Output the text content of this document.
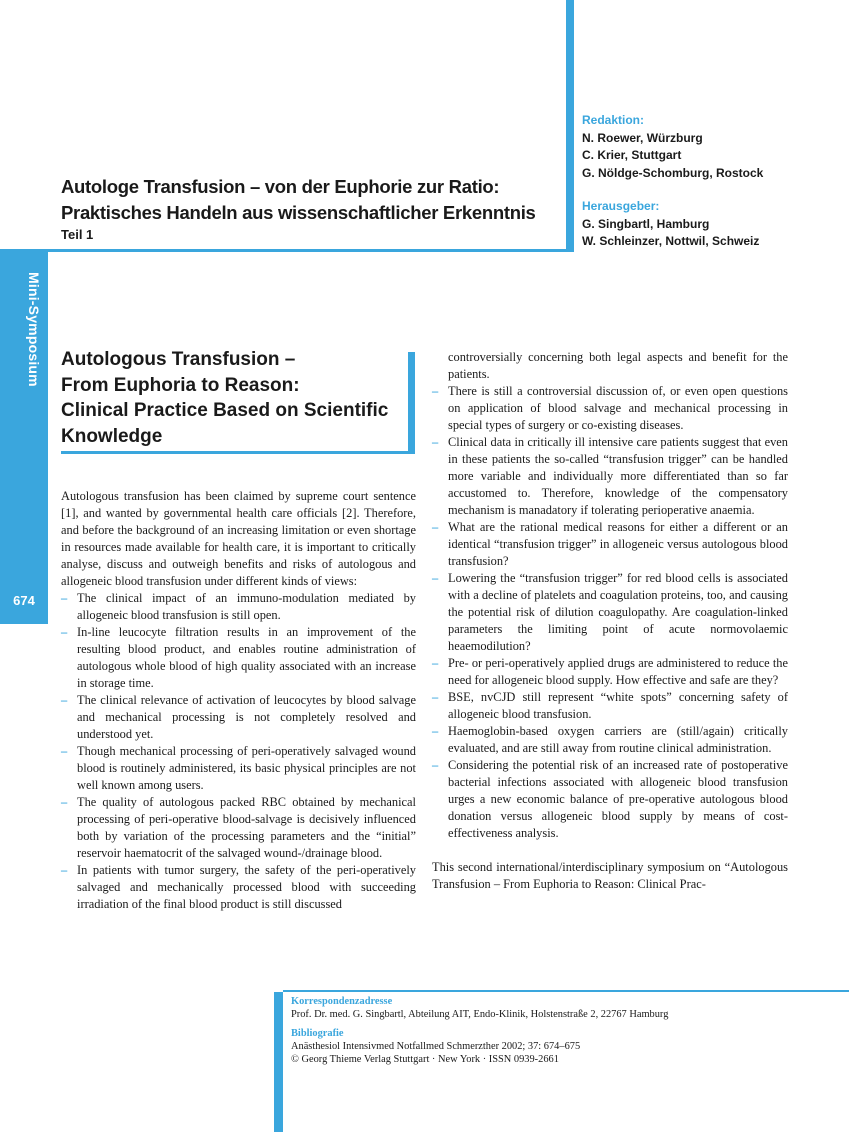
Mini-Symposium
674
Redaktion:
N. Roewer, Würzburg
C. Krier, Stuttgart
G. Nöldge-Schomburg, Rostock
Herausgeber:
G. Singbartl, Hamburg
W. Schleinzer, Nottwil, Schweiz
Autologe Transfusion – von der Euphorie zur Ratio:
Praktisches Handeln aus wissenschaftlicher Erkenntnis
Teil 1
Autologous Transfusion –
From Euphoria to Reason:
Clinical Practice Based on Scientific
Knowledge

Autologous transfusion has been claimed by supreme court sentence [1], and wanted by governmental health care officials [2]. Therefore, and before the background of an increasing limitation or even shortage in resources made available for health care, it is important to critically analyse, discuss and outweigh benefits and risks of autologous and allogeneic blood transfusion under different kinds of views:

– The clinical impact of an immuno-modulation mediated by allogeneic blood transfusion is still open.
– In-line leucocyte filtration results in an improvement of the resulting blood product, and enables routine administration of autologous whole blood of high quality associated with an increase in storage time.
– The clinical relevance of activation of leucocytes by blood salvage and mechanical processing is not completely resolved and understood yet.
– Though mechanical processing of peri-operatively salvaged wound blood is routinely administered, its basic physical principles are not well known among users.
– The quality of autologous packed RBC obtained by mechanical processing of peri-operative blood-salvage is decisively influenced both by variation of the processing parameters and the “initial” reservoir haematocrit of the salvaged wound-/drainage blood.
– In patients with tumor surgery, the safety of the peri-operatively salvaged and mechanically processed blood with succeeding irradiation of the final blood product is still discussed

controversially concerning both legal aspects and benefit for the patients.

– There is still a controversial discussion of, or even open questions on application of blood salvage and mechanical processing in special types of surgery or co-existing diseases.
– Clinical data in critically ill intensive care patients suggest that even in these patients the so-called “transfusion trigger” can be handled more variable and individually more differentiated than so far accustomed to. Therefore, knowledge of the compensatory mechanism is manadatory if tolerating perioperative anaemia.
– What are the rational medical reasons for either a different or an identical “transfusion trigger” in allogeneic versus autologous blood transfusion?
– Lowering the “transfusion trigger” for red blood cells is associated with a decline of platelets and coagulation proteins, too, and causing the potential risk of dilution coagulopathy. Are coagulation-linked parameters the limiting point of acute normovolaemic heaemodilution?
– Pre- or peri-operatively applied drugs are administered to reduce the need for allogeneic blood supply. How effective and safe are they?
– BSE, nvCJD still represent “white spots” concerning safety of allogeneic blood transfusion.
– Haemoglobin-based oxygen carriers are (still/again) critically evaluated, and are still away from routine clinical administration.
– Considering the potential risk of an increased rate of postoperative bacterial infections associated with allogeneic blood transfusion urges a new economic balance of pre-operative autologous blood donation versus allogeneic blood supply by means of cost-effectiveness analysis.

This second international/interdisciplinary symposium on “Autologous Transfusion – From Euphoria to Reason: Clinical Prac-

Korrespondenzadresse
Prof. Dr. med. G. Singbartl, Abteilung AIT, Endo-Klinik, Holstenstraße 2, 22767 Hamburg
Bibliografie
Anästhesiol Intensivmed Notfallmed Schmerzther 2002; 37: 674–675
© Georg Thieme Verlag Stuttgart · New York · ISSN 0939-2661
